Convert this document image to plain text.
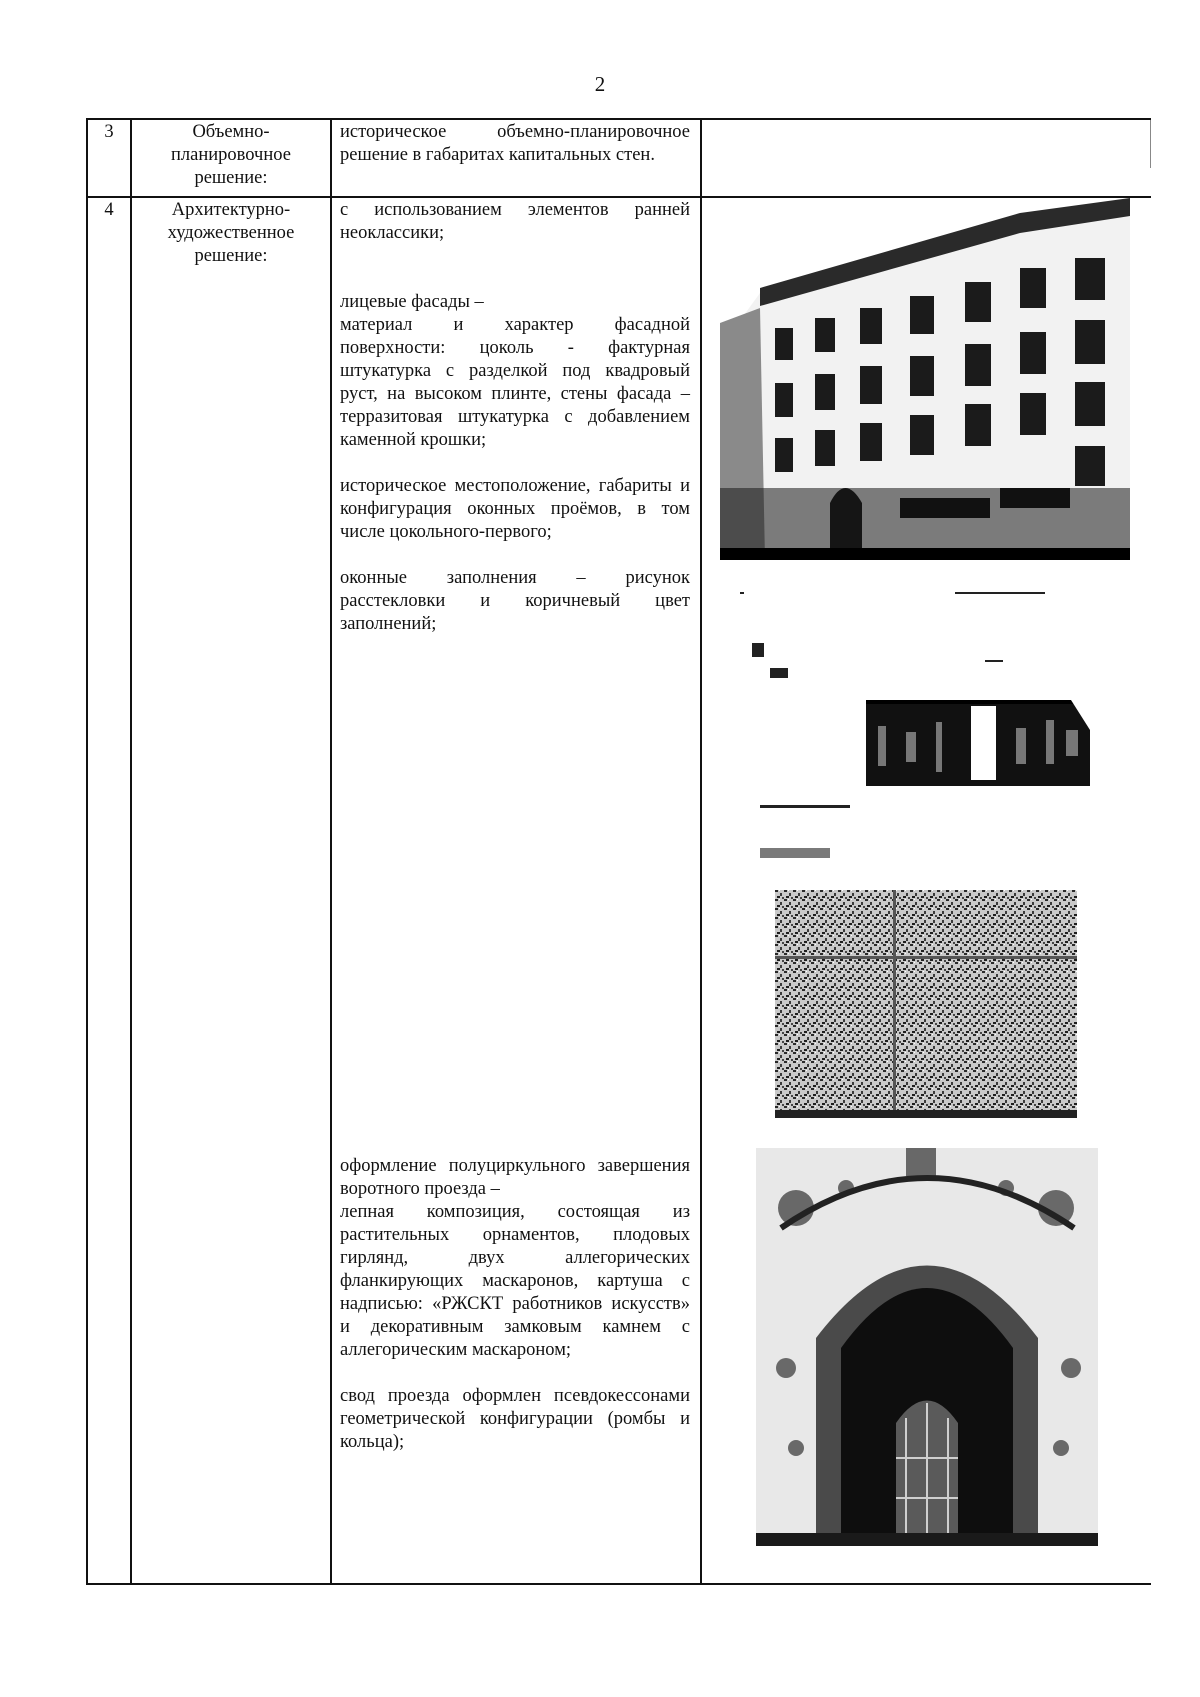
2
3	Объемно-
планировочное
решение:

историческое объемно-планировочное решение в габаритах капитальных стен.

4	Архитектурно-
художественное
решение:

с использованием элементов ранней неоклассики;

лицевые фасады –

материал и характер фасадной поверхности: цоколь - фактурная штукатурка с разделкой под квадровый руст, на высоком плинте, стены фасада – терразитовая штукатурка с добавлением каменной крошки;

историческое местоположение, габариты и конфигурация оконных проёмов, в том числе цокольного-первого;

оконные заполнения – рисунок расстекловки и коричневый цвет заполнений;

оформление полуциркульного завершения воротного проезда –

лепная композиция, состоящая из растительных орнаментов, плодовых гирлянд, двух аллегорических фланкирующих маскаронов, картуша с надписью: «РЖСКТ работников искусств» и декоративным замковым камнем с аллегорическим маскароном;

свод проезда оформлен псевдокессонами геометрической конфигурации (ромбы и кольца);
